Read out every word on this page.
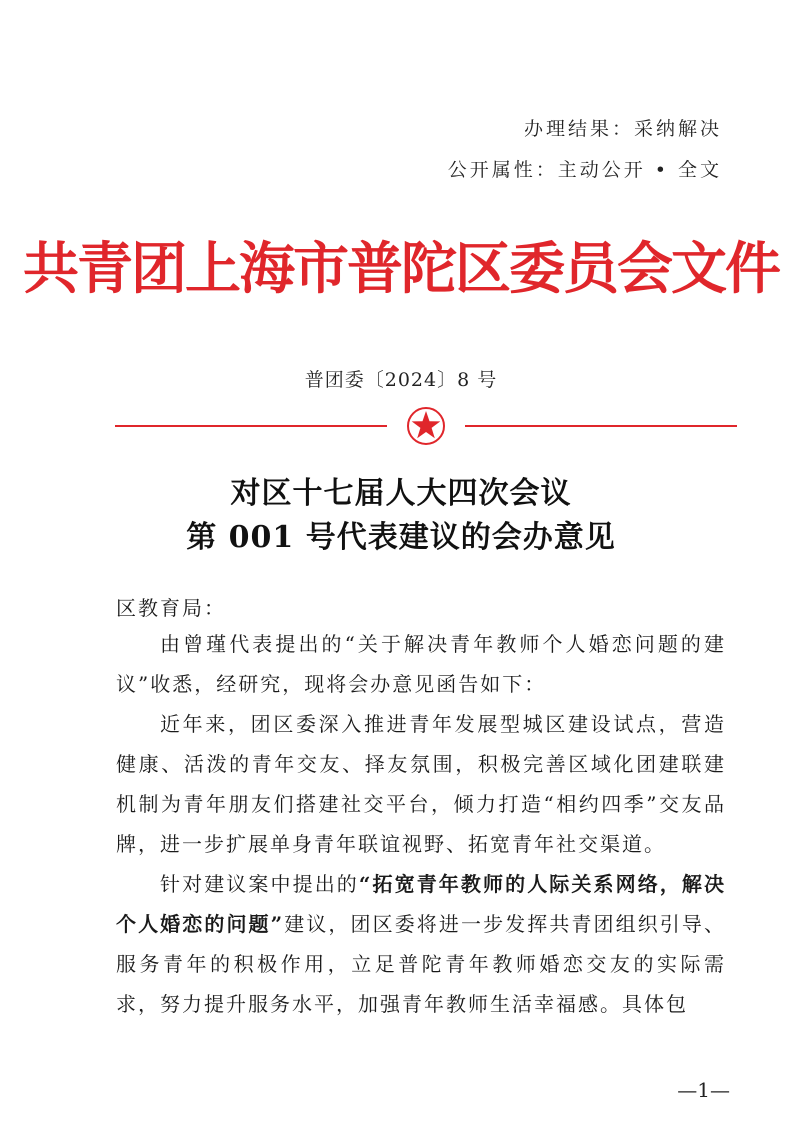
办理结果：采纳解决
公开属性：主动公开 • 全文
共青团上海市普陀区委员会文件
普团委〔2024〕8 号
对区十七届人大四次会议
第 001 号代表建议的会办意见
区教育局：

由曾瑾代表提出的“关于解决青年教师个人婚恋问题的建议”收悉，经研究，现将会办意见函告如下：

近年来，团区委深入推进青年发展型城区建设试点，营造健康、活泼的青年交友、择友氛围，积极完善区域化团建联建机制为青年朋友们搭建社交平台，倾力打造“相约四季”交友品牌，进一步扩展单身青年联谊视野、拓宽青年社交渠道。

针对建议案中提出的“拓宽青年教师的人际关系网络，解决个人婚恋的问题”建议，团区委将进一步发挥共青团组织引导、服务青年的积极作用，立足普陀青年教师婚恋交友的实际需求，努力提升服务水平，加强青年教师生活幸福感。具体包

—1—
